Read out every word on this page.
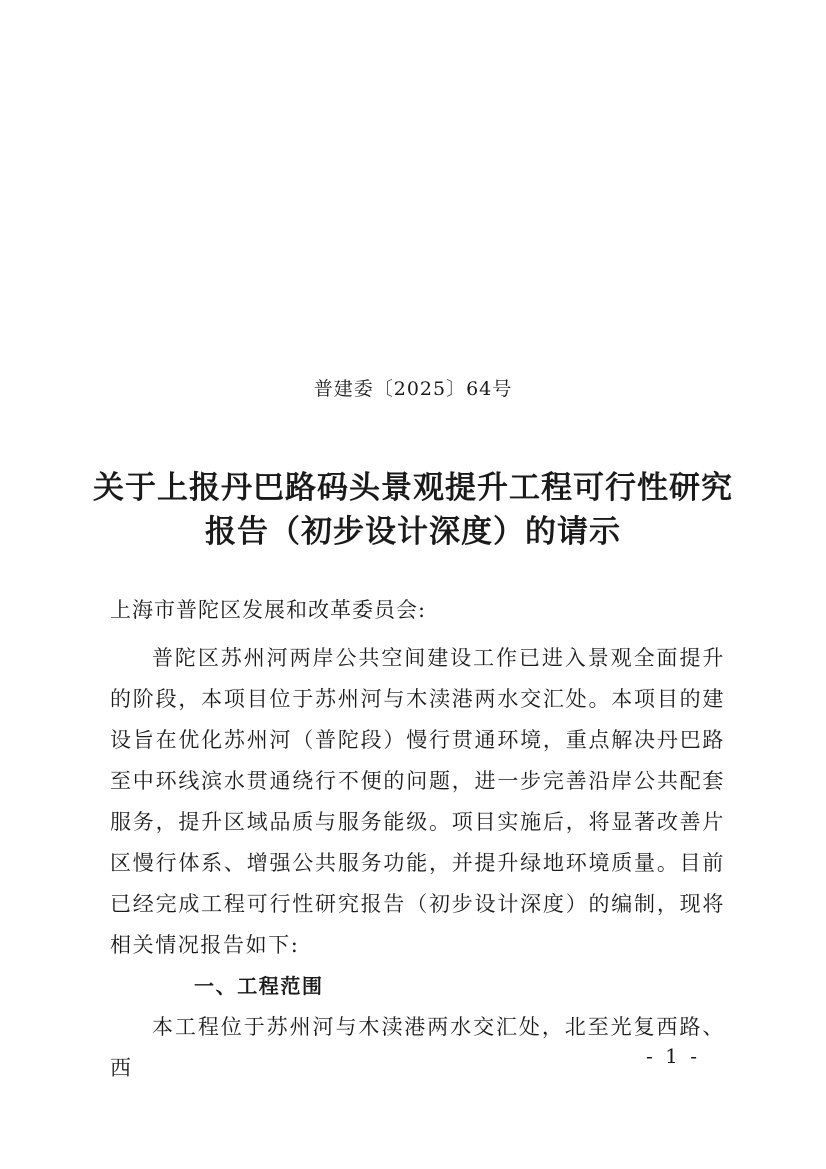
普建委〔2025〕64号
关于上报丹巴路码头景观提升工程可行性研究
报告（初步设计深度）的请示
上海市普陀区发展和改革委员会:

普陀区苏州河两岸公共空间建设工作已进入景观全面提升的阶段，本项目位于苏州河与木渎港两水交汇处。本项目的建设旨在优化苏州河（普陀段）慢行贯通环境，重点解决丹巴路至中环线滨水贯通绕行不便的问题，进一步完善沿岸公共配套服务，提升区域品质与服务能级。项目实施后，将显著改善片区慢行体系、增强公共服务功能，并提升绿地环境质量。目前已经完成工程可行性研究报告（初步设计深度）的编制，现将相关情况报告如下:

一、工程范围

本工程位于苏州河与木渎港两水交汇处，北至光复西路、西	- 1 -
